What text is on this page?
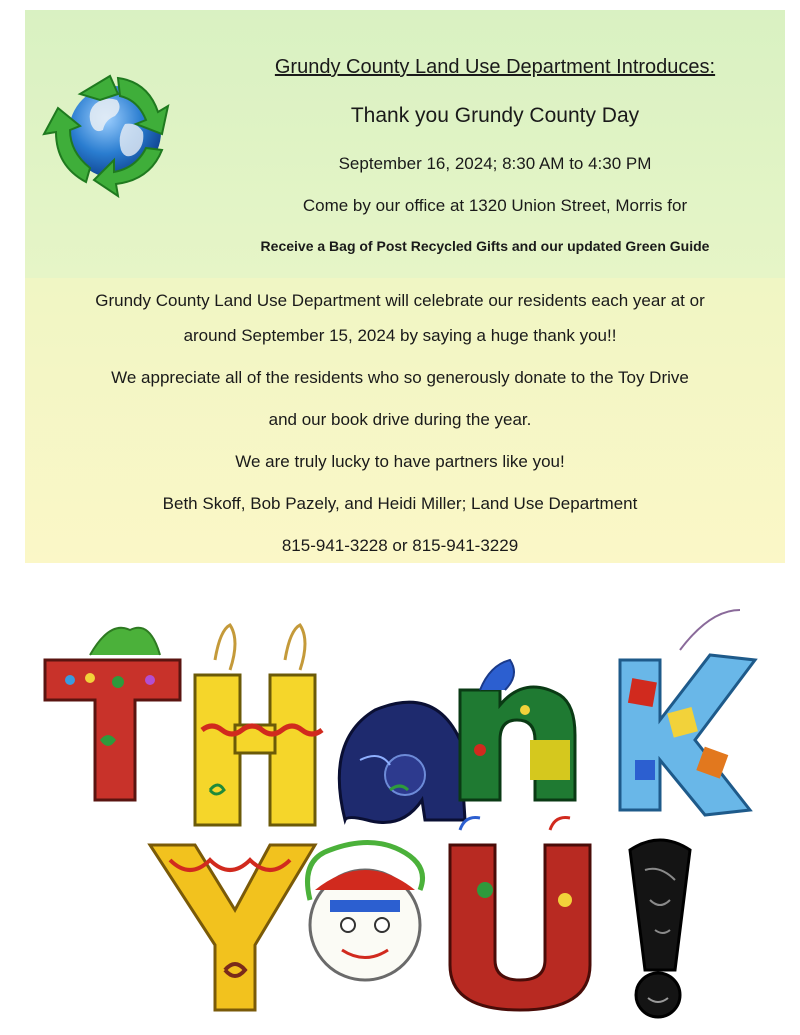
Grundy County Land Use Department Introduces:
Thank you Grundy County Day
September 16, 2024; 8:30 AM to 4:30 PM
Come by our office at 1320 Union Street, Morris for
Receive a Bag of Post Recycled Gifts and our updated Green Guide
Grundy County Land Use Department will celebrate our residents each year at or
around September 15, 2024 by saying a huge thank you!!
We appreciate all of the residents who so generously donate to the Toy Drive
and our book drive during the year.
We are truly lucky to have partners like you!
Beth Skoff, Bob Pazely, and Heidi Miller; Land Use Department
815-941-3228 or 815-941-3229
